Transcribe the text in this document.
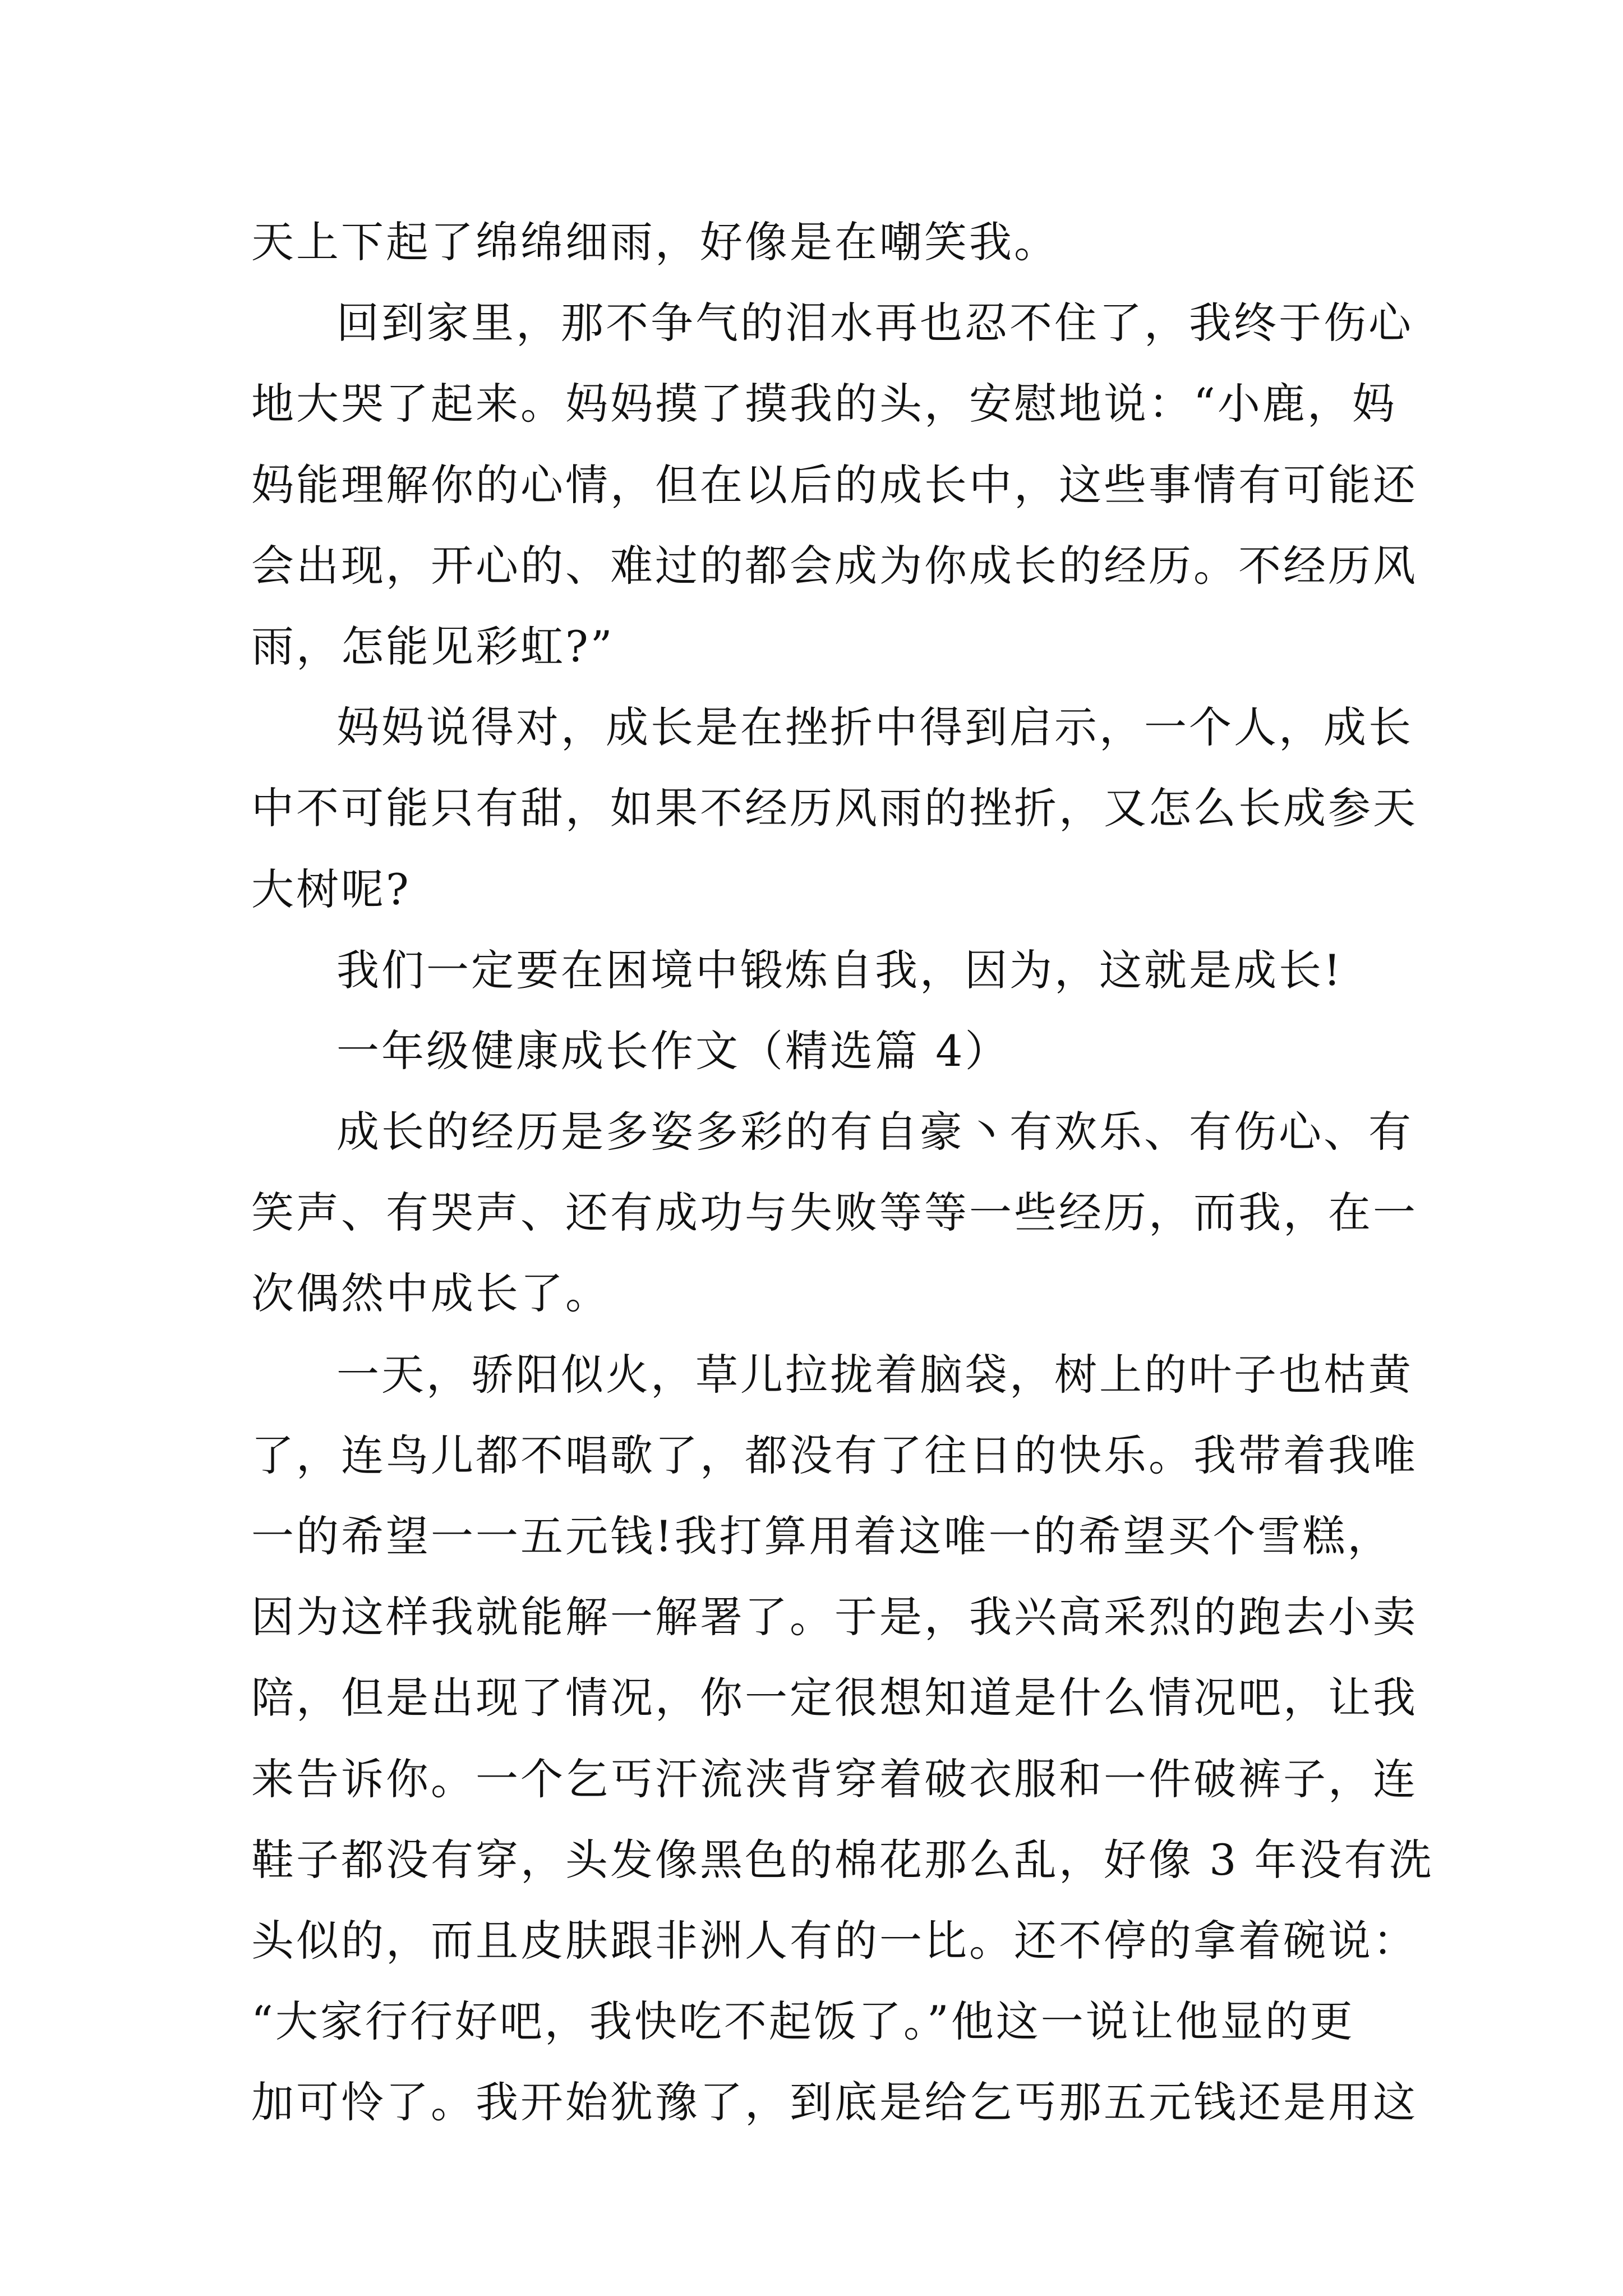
天上下起了绵绵细雨，好像是在嘲笑我。
回到家里，那不争气的泪水再也忍不住了，我终于伤心
地大哭了起来。妈妈摸了摸我的头，安慰地说：“小鹿，妈
妈能理解你的心情，但在以后的成长中，这些事情有可能还
会出现，开心的、难过的都会成为你成长的经历。不经历风
雨，怎能见彩虹?”
妈妈说得对，成长是在挫折中得到启示，一个人，成长
中不可能只有甜，如果不经历风雨的挫折，又怎么长成参天
大树呢?
我们一定要在困境中锻炼自我，因为，这就是成长!
一年级健康成长作文（精选篇 4）
成长的经历是多姿多彩的有自豪丶有欢乐、有伤心、有
笑声、有哭声、还有成功与失败等等一些经历，而我，在一
次偶然中成长了。
一天，骄阳似火，草儿拉拢着脑袋，树上的叶子也枯黄
了，连鸟儿都不唱歌了，都没有了往日的快乐。我带着我唯
一的希望一一五元钱!我打算用着这唯一的希望买个雪糕，
因为这样我就能解一解署了。于是，我兴高采烈的跑去小卖
陪，但是出现了情况，你一定很想知道是什么情况吧，让我
来告诉你。一个乞丐汗流浃背穿着破衣服和一件破裤子，连
鞋子都没有穿，头发像黑色的棉花那么乱，好像 3 年没有洗
头似的，而且皮肤跟非洲人有的一比。还不停的拿着碗说：
“大家行行好吧，我快吃不起饭了。”他这一说让他显的更
加可怜了。我开始犹豫了，到底是给乞丐那五元钱还是用这
